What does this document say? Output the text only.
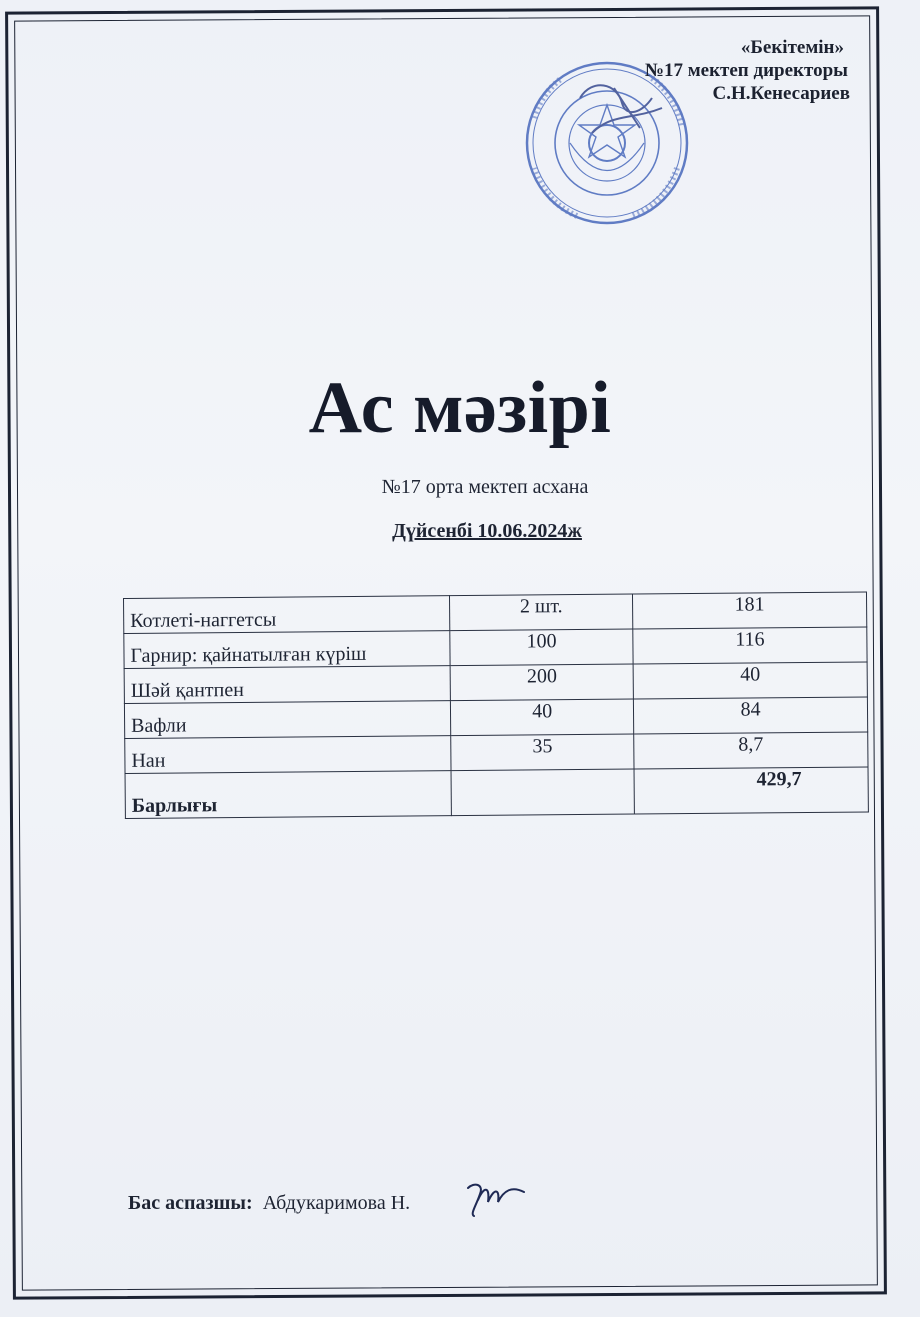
«Бекітемін»
№17 мектеп директоры
С.Н.Кенесариев
Ас мәзірі
№17 орта мектеп асхана
Дүйсенбі 10.06.2024ж
Котлеті-наггетсы	2 шт.	181
Гарнир: қайнатылған күріш	100	116
Шәй қантпен	200	40
Вафли	40	84
Нан	35	8,7
Барлығы		429,7
Бас аспазшы: Абдукаримова Н.
